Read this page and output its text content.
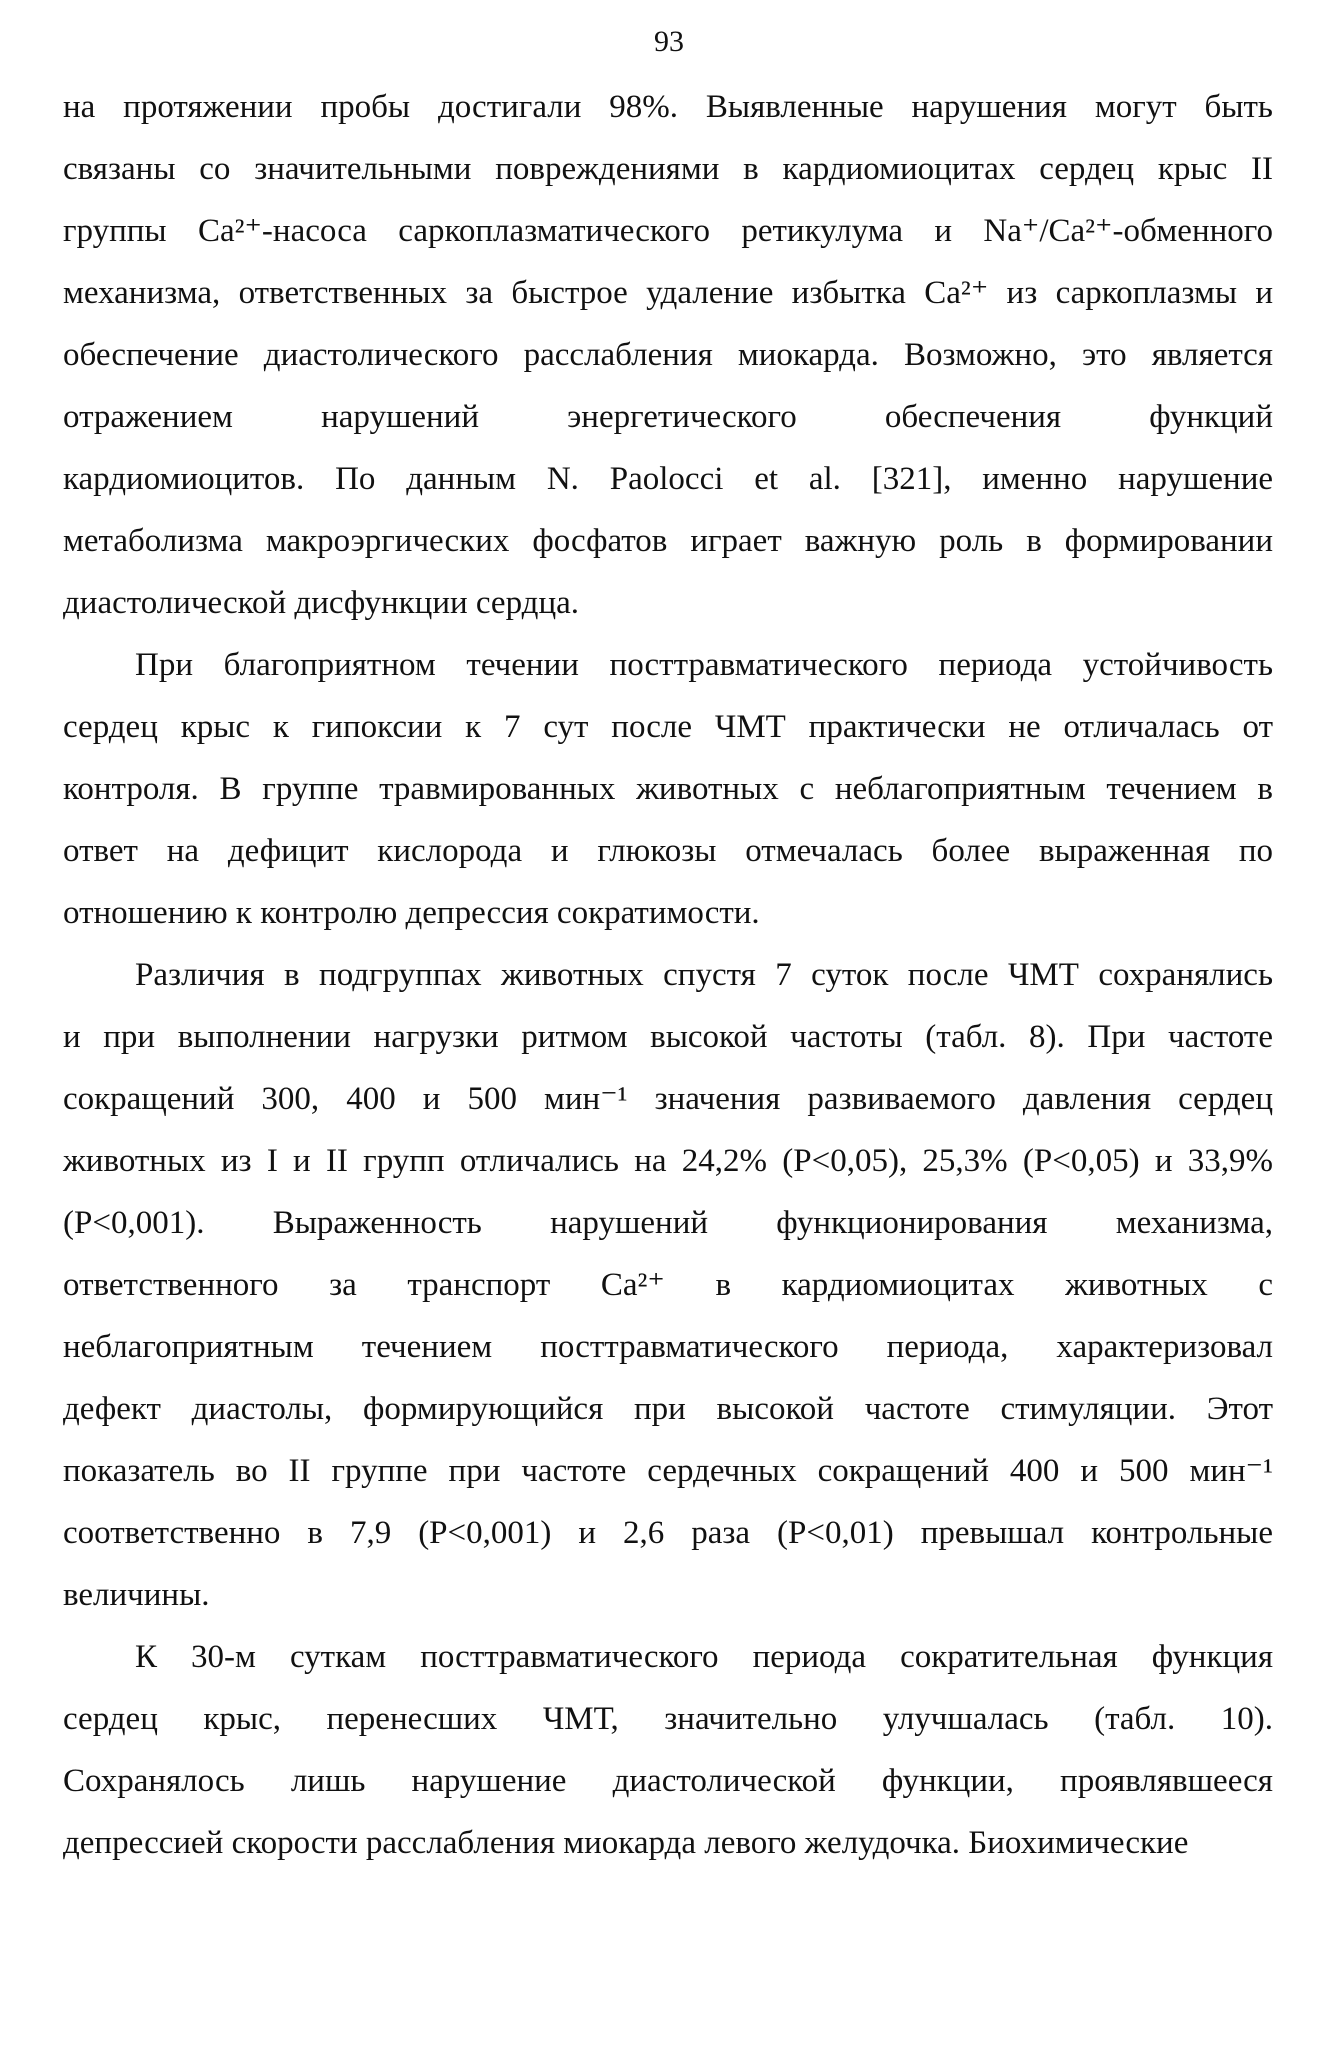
93

на протяжении пробы достигали 98%. Выявленные нарушения могут быть
связаны со значительными повреждениями в кардиомиоцитах сердец крыс II
группы Ca²⁺-насоса саркоплазматического ретикулума и Na⁺/Ca²⁺-обменного
механизма, ответственных за быстрое удаление избытка Ca²⁺ из саркоплазмы и
обеспечение диастолического расслабления миокарда. Возможно, это является
отражением нарушений энергетического обеспечения функций
кардиомиоцитов. По данным N. Paolocci et al. [321], именно нарушение
метаболизма макроэргических фосфатов играет важную роль в формировании
диастолической дисфункции сердца.

При благоприятном течении посттравматического периода устойчивость
сердец крыс к гипоксии к 7 сут после ЧМТ практически не отличалась от
контроля. В группе травмированных животных с неблагоприятным течением в
ответ на дефицит кислорода и глюкозы отмечалась более выраженная по
отношению к контролю депрессия сократимости.

Различия в подгруппах животных спустя 7 суток после ЧМТ сохранялись
и при выполнении нагрузки ритмом высокой частоты (табл. 8). При частоте
сокращений 300, 400 и 500 мин⁻¹ значения развиваемого давления сердец
животных из I и II групп отличались на 24,2% (P<0,05), 25,3% (P<0,05) и 33,9%
(P<0,001). Выраженность нарушений функционирования механизма,
ответственного за транспорт Ca²⁺ в кардиомиоцитах животных с
неблагоприятным течением посттравматического периода, характеризовал
дефект диастолы, формирующийся при высокой частоте стимуляции. Этот
показатель во II группе при частоте сердечных сокращений 400 и 500 мин⁻¹
соответственно в 7,9 (P<0,001) и 2,6 раза (P<0,01) превышал контрольные
величины.

К 30-м суткам посттравматического периода сократительная функция
сердец крыс, перенесших ЧМТ, значительно улучшалась (табл. 10).
Сохранялось лишь нарушение диастолической функции, проявлявшееся
депрессией скорости расслабления миокарда левого желудочка. Биохимические
